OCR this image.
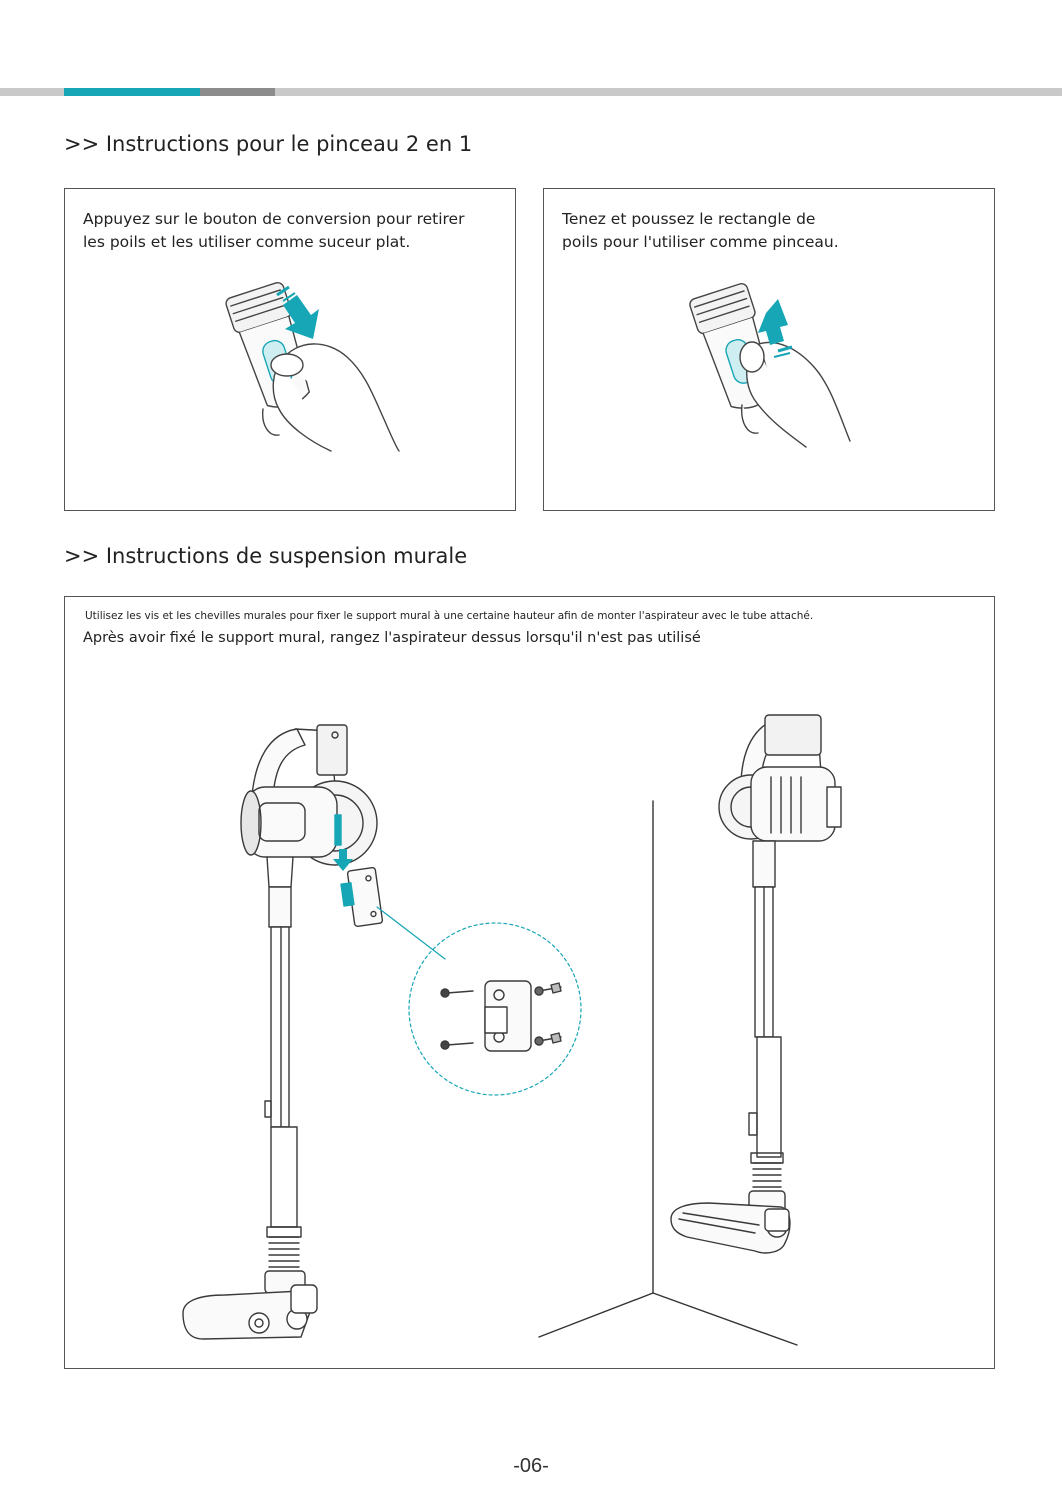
>> Instructions pour le pinceau 2 en 1

Appuyez sur le bouton de conversion pour retirer
les poils et les utiliser comme suceur plat.

Tenez et poussez le rectangle de
poils pour l'utiliser comme pinceau.

>> Instructions de suspension murale

Utilisez les vis et les chevilles murales pour fixer le support mural à une certaine hauteur afin de monter l'aspirateur avec le tube attaché.

Après avoir fixé le support mural, rangez l'aspirateur dessus lorsqu'il n'est pas utilisé

-06-
